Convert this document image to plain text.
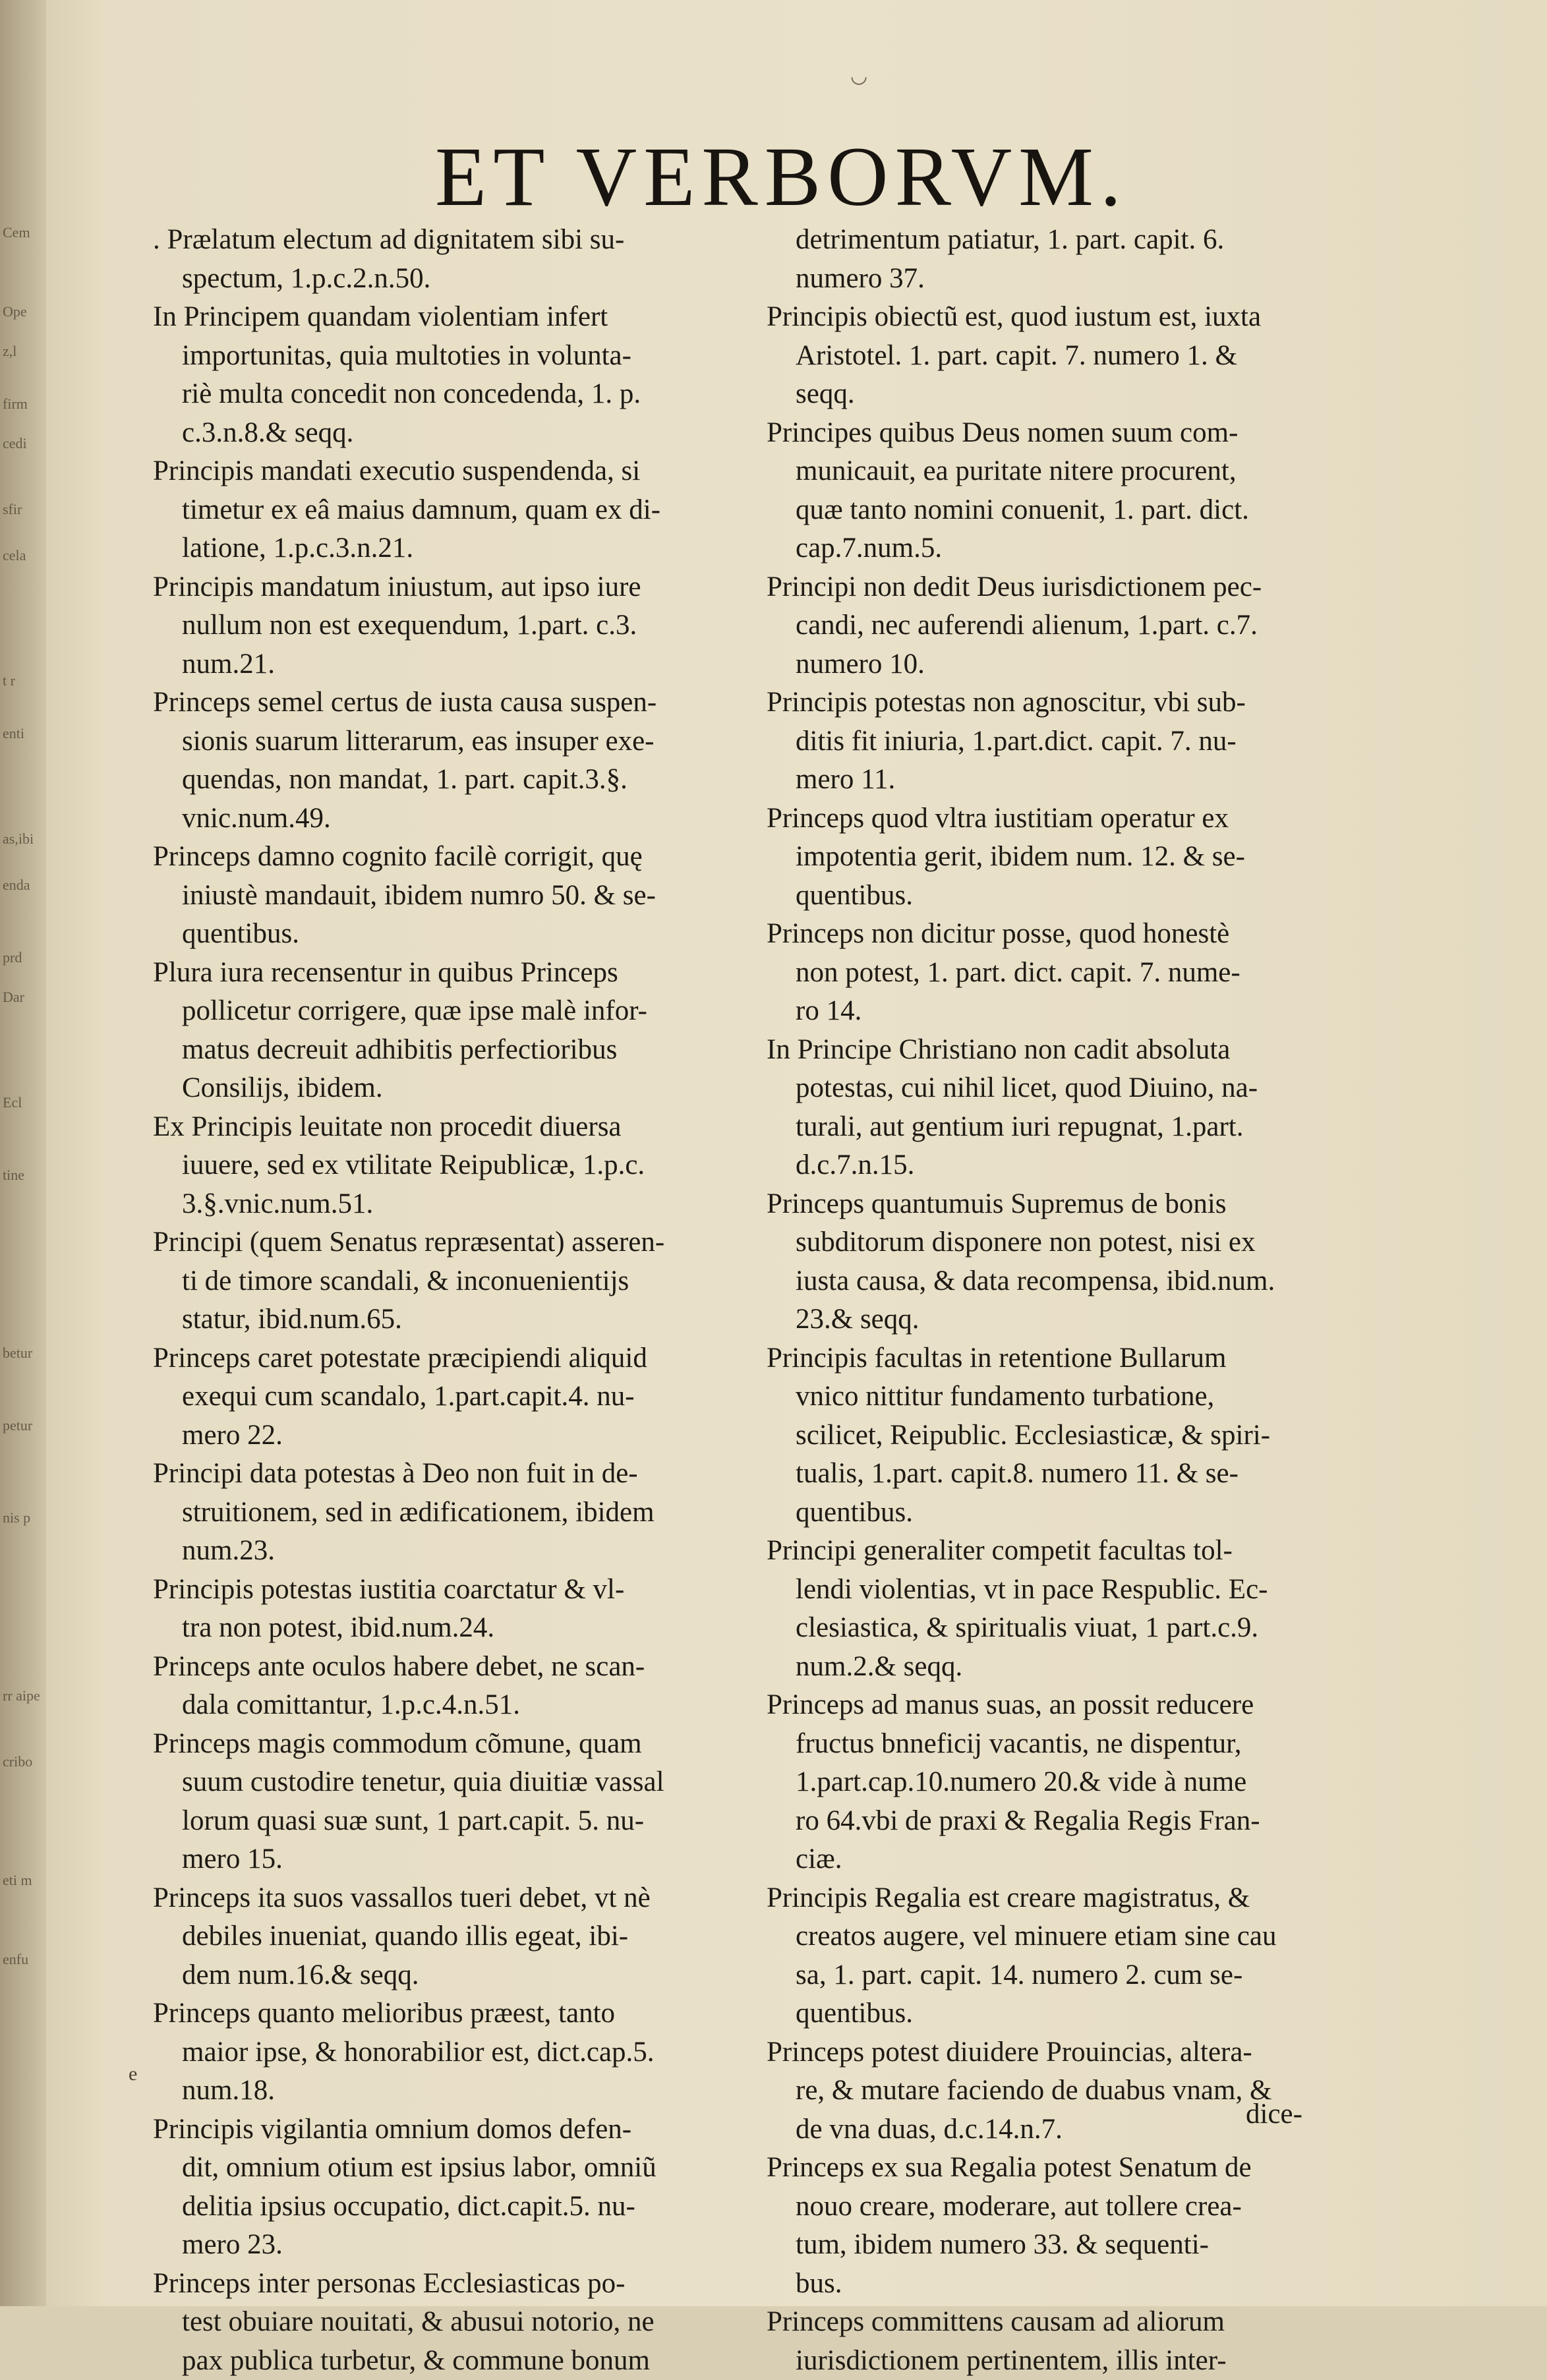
Cem
Ope
z,l
firm
cedi
sfir
cela
t r
enti
as,ibi
enda
prd
Dar
Ecl
tine
betur
petur
nis p
rr aipe
cribo
eti m
enfu
◡
ET VERBORVM.
. Prælatum electum ad dignitatem sibi su-
spectum, 1.p.c.2.n.50.
In Principem quandam violentiam infert
importunitas, quia multoties in volunta-
riè multa concedit non concedenda, 1. p.
c.3.n.8.& seqq.
Principis mandati executio suspendenda, si
timetur ex eâ maius damnum, quam ex di-
latione, 1.p.c.3.n.21.
Principis mandatum iniustum, aut ipso iure
nullum non est exequendum, 1.part. c.3.
num.21.
Princeps semel certus de iusta causa suspen-
sionis suarum litterarum, eas insuper exe-
quendas, non mandat, 1. part. capit.3.§.
vnic.num.49.
Princeps damno cognito facilè corrigit, quę
iniustè mandauit, ibidem numro 50. & se-
quentibus.
Plura iura recensentur in quibus Princeps
pollicetur corrigere, quæ ipse malè infor-
matus decreuit adhibitis perfectioribus
Consilijs, ibidem.
Ex Principis leuitate non procedit diuersa
iuuere, sed ex vtilitate Reipublicæ, 1.p.c.
3.§.vnic.num.51.
Principi (quem Senatus repræsentat) asseren-
ti de timore scandali, & inconuenientijs
statur, ibid.num.65.
Princeps caret potestate præcipiendi aliquid
exequi cum scandalo, 1.part.capit.4. nu-
mero 22.
Principi data potestas à Deo non fuit in de-
struitionem, sed in ædificationem, ibidem
num.23.
Principis potestas iustitia coarctatur & vl-
tra non potest, ibid.num.24.
Princeps ante oculos habere debet, ne scan-
dala comittantur, 1.p.c.4.n.51.
Princeps magis commodum cõmune, quam
suum custodire tenetur, quia diuitiæ vassal
lorum quasi suæ sunt, 1 part.capit. 5. nu-
mero 15.
Princeps ita suos vassallos tueri debet, vt nè
debiles inueniat, quando illis egeat, ibi-
dem num.16.& seqq.
Princeps quanto melioribus præest, tanto
maior ipse, & honorabilior est, dict.cap.5.
num.18.
Principis vigilantia omnium domos defen-
dit, omnium otium est ipsius labor, omniũ
delitia ipsius occupatio, dict.capit.5. nu-
mero 23.
Princeps inter personas Ecclesiasticas po-
test obuiare nouitati, & abusui notorio, ne
pax publica turbetur, & commune bonum
detrimentum patiatur, 1. part. capit. 6.
numero 37.
Principis obiectũ est, quod iustum est, iuxta
Aristotel. 1. part. capit. 7. numero 1. &
seqq.
Principes quibus Deus nomen suum com-
municauit, ea puritate nitere procurent,
quæ tanto nomini conuenit, 1. part. dict.
cap.7.num.5.
Principi non dedit Deus iurisdictionem pec-
candi, nec auferendi alienum, 1.part. c.7.
numero 10.
Principis potestas non agnoscitur, vbi sub-
ditis fit iniuria, 1.part.dict. capit. 7. nu-
mero 11.
Princeps quod vltra iustitiam operatur ex
impotentia gerit, ibidem num. 12. & se-
quentibus.
Princeps non dicitur posse, quod honestè
non potest, 1. part. dict. capit. 7. nume-
ro 14.
In Principe Christiano non cadit absoluta
potestas, cui nihil licet, quod Diuino, na-
turali, aut gentium iuri repugnat, 1.part.
d.c.7.n.15.
Princeps quantumuis Supremus de bonis
subditorum disponere non potest, nisi ex
iusta causa, & data recompensa, ibid.num.
23.& seqq.
Principis facultas in retentione Bullarum
vnico nittitur fundamento turbatione,
scilicet, Reipublic. Ecclesiasticæ, & spiri-
tualis, 1.part. capit.8. numero 11. & se-
quentibus.
Principi generaliter competit facultas tol-
lendi violentias, vt in pace Respublic. Ec-
clesiastica, & spiritualis viuat, 1 part.c.9.
num.2.& seqq.
Princeps ad manus suas, an possit reducere
fructus bnneficij vacantis, ne dispentur,
1.part.cap.10.numero 20.& vide à nume
ro 64.vbi de praxi & Regalia Regis Fran-
ciæ.
Principis Regalia est creare magistratus, &
creatos augere, vel minuere etiam sine cau
sa, 1. part. capit. 14. numero 2. cum se-
quentibus.
Princeps potest diuidere Prouincias, altera-
re, & mutare faciendo de duabus vnam, &
de vna duas, d.c.14.n.7.
Princeps ex sua Regalia potest Senatum de
nouo creare, moderare, aut tollere crea-
tum, ibidem numero 33. & sequenti-
bus.
Princeps committens causam ad aliorum
iurisdictionem pertinentem, illis inter-
e
dice-
